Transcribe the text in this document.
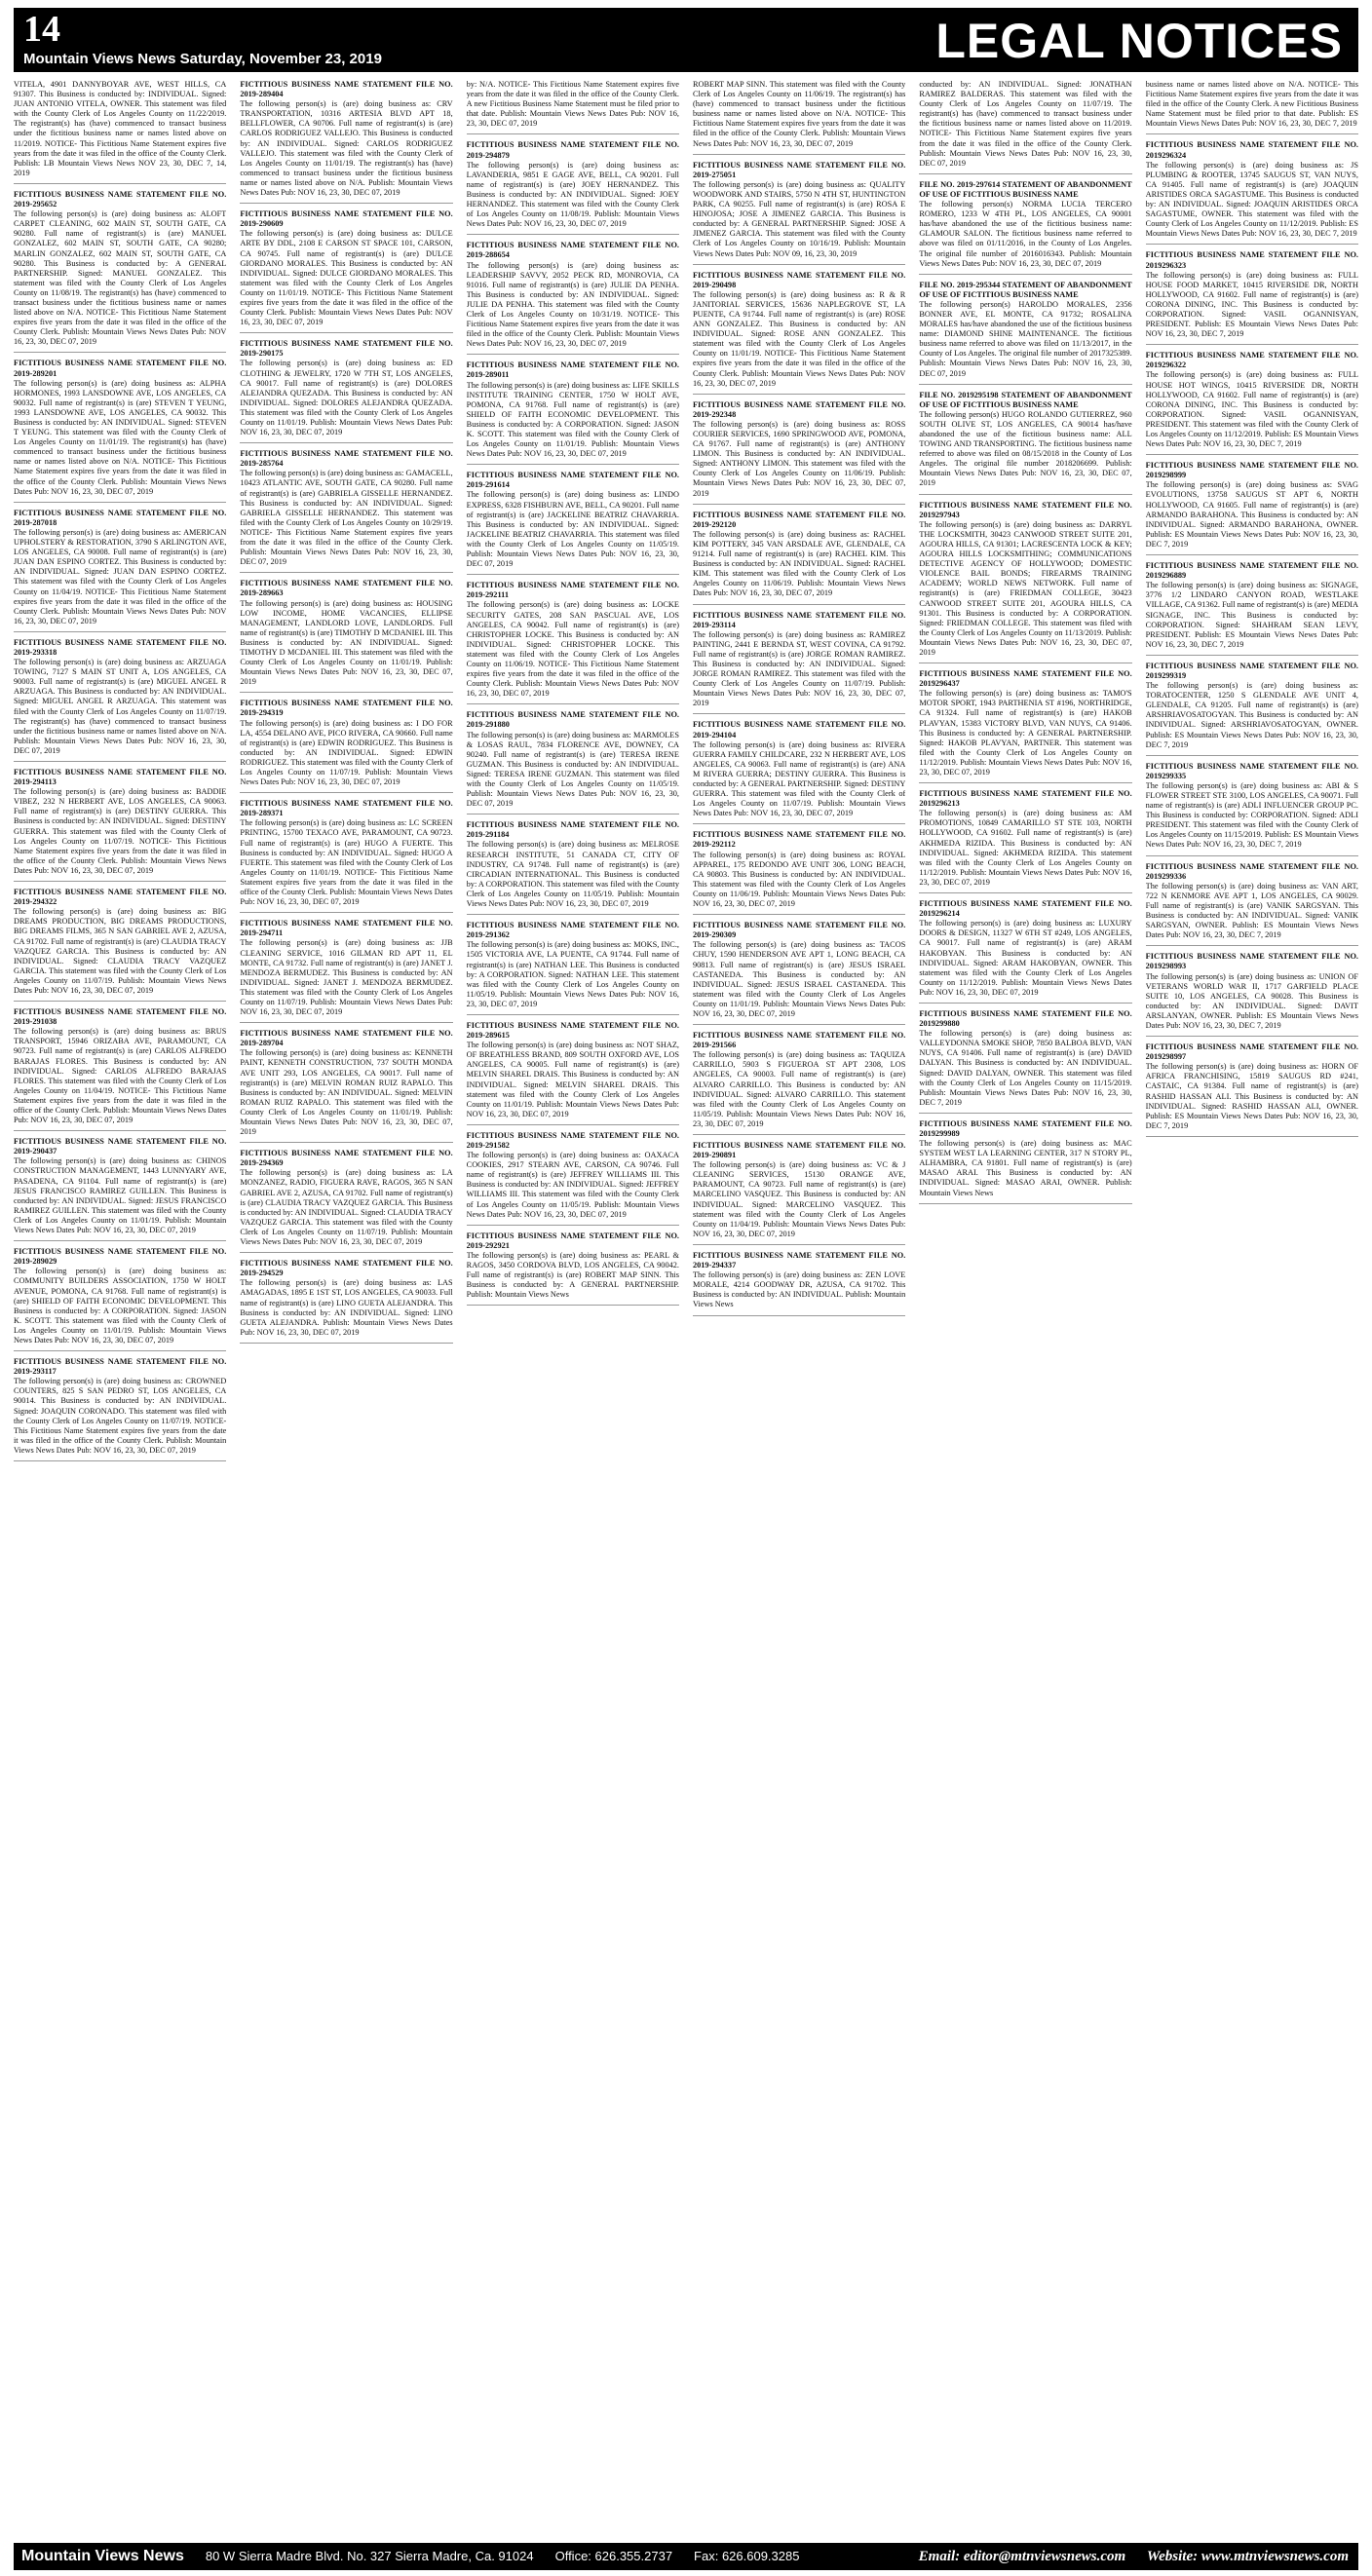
14
Mountain Views News Saturday, November 23, 2019	LEGAL NOTICES
VITELA, 4901 DANNYBOYAR AVE, WEST HILLS, CA 91307. This Business is conducted by: INDIVIDUAL. Signed: JUAN ANTONIO VITELA, OWNER. This statement was filed with the County Clerk of Los Angeles County on 11/22/2019. The registrant(s) has (have) commenced to transact business under the fictitious business name or names listed above on 11/2019. NOTICE- This Fictitious Name Statement expires five years from the date it was filed in the office of the County Clerk. Publish: LB Mountain Views News NOV 23, 30, DEC 7, 14, 2019
FICTITIOUS BUSINESS NAME STATEMENT FILE NO. 2019-295652
The following person(s) is (are) doing business as: ALOFT CARPET CLEANING, 602 MAIN ST, SOUTH GATE, CA 90280. Full name of registrant(s) is (are) MANUEL GONZALEZ, 602 MAIN ST, SOUTH GATE, CA 90280; MARLIN GONZALEZ, 602 MAIN ST, SOUTH GATE, CA 90280. This Business is conducted by: A GENERAL PARTNERSHIP. Signed: MANUEL GONZALEZ. This statement was filed with the County Clerk of Los Angeles County on 11/08/19. The registrant(s) has (have) commenced to transact business under the fictitious business name or names listed above on N/A. NOTICE- This Fictitious Name Statement expires five years from the date it was filed in the office of the County Clerk. Publish: Mountain Views News Dates Pub: NOV 16, 23, 30, DEC 07, 2019
FICTITIOUS BUSINESS NAME STATEMENT FILE NO. 2019-289201
The following person(s) is (are) doing business as: ALPHA HORMONES, 1993 LANSDOWNE AVE, LOS ANGELES, CA 90032. Full name of registrant(s) is (are) STEVEN T YEUNG, 1993 LANSDOWNE AVE, LOS ANGELES, CA 90032. This Business is conducted by: AN INDIVIDUAL. Signed: STEVEN T YEUNG. This statement was filed with the County Clerk of Los Angeles County on 11/01/19. The registrant(s) has (have) commenced to transact business under the fictitious business name or names listed above on N/A. NOTICE- This Fictitious Name Statement expires five years from the date it was filed in the office of the County Clerk. Publish: Mountain Views News Dates Pub: NOV 16, 23, 30, DEC 07, 2019
FICTITIOUS BUSINESS NAME STATEMENT FILE NO. 2019-287018
The following person(s) is (are) doing business as: AMERICAN UPHOLSTERY & RESTORATION, 3790 S ARLINGTON AVE, LOS ANGELES, CA 90008. Full name of registrant(s) is (are) JUAN DAN ESPINO CORTEZ. This Business is conducted by: AN INDIVIDUAL. Signed: JUAN DAN ESPINO CORTEZ. This statement was filed with the County Clerk of Los Angeles County on 11/04/19. NOTICE- This Fictitious Name Statement expires five years from the date it was filed in the office of the County Clerk. Publish: Mountain Views News Dates Pub: NOV 16, 23, 30, DEC 07, 2019
FICTITIOUS BUSINESS NAME STATEMENT FILE NO. 2019-293318
The following person(s) is (are) doing business as: ARZUAGA TOWING, 7127 S MAIN ST UNIT A, LOS ANGELES, CA 90003. Full name of registrant(s) is (are) MIGUEL ANGEL R ARZUAGA. This Business is conducted by: AN INDIVIDUAL. Signed: MIGUEL ANGEL R ARZUAGA. This statement was filed with the County Clerk of Los Angeles County on 11/07/19. The registrant(s) has (have) commenced to transact business under the fictitious business name or names listed above on N/A. Publish: Mountain Views News Dates Pub: NOV 16, 23, 30, DEC 07, 2019
FICTITIOUS BUSINESS NAME STATEMENT FILE NO. 2019-294113
The following person(s) is (are) doing business as: BADDIE VIBEZ, 232 N HERBERT AVE, LOS ANGELES, CA 90063. Full name of registrant(s) is (are) DESTINY GUERRA. This Business is conducted by: AN INDIVIDUAL. Signed: DESTINY GUERRA. This statement was filed with the County Clerk of Los Angeles County on 11/07/19. NOTICE- This Fictitious Name Statement expires five years from the date it was filed in the office of the County Clerk. Publish: Mountain Views News Dates Pub: NOV 16, 23, 30, DEC 07, 2019
FICTITIOUS BUSINESS NAME STATEMENT FILE NO. 2019-294322
The following person(s) is (are) doing business as: BIG DREAMS PRODUCTION, BIG DREAMS PRODUCTIONS, BIG DREAMS FILMS, 365 N SAN GABRIEL AVE 2, AZUSA, CA 91702. Full name of registrant(s) is (are) CLAUDIA TRACY VAZQUEZ GARCIA. This Business is conducted by: AN INDIVIDUAL. Signed: CLAUDIA TRACY VAZQUEZ GARCIA. This statement was filed with the County Clerk of Los Angeles County on 11/07/19. Publish: Mountain Views News Dates Pub: NOV 16, 23, 30, DEC 07, 2019
FICTITIOUS BUSINESS NAME STATEMENT FILE NO. 2019-291038
The following person(s) is (are) doing business as: BRUS TRANSPORT, 15946 ORIZABA AVE, PARAMOUNT, CA 90723. Full name of registrant(s) is (are) CARLOS ALFREDO BARAJAS FLORES. This Business is conducted by: AN INDIVIDUAL. Signed: CARLOS ALFREDO BARAJAS FLORES. This statement was filed with the County Clerk of Los Angeles County on 11/04/19. NOTICE- This Fictitious Name Statement expires five years from the date it was filed in the office of the County Clerk. Publish: Mountain Views News Dates Pub: NOV 16, 23, 30, DEC 07, 2019
FICTITIOUS BUSINESS NAME STATEMENT FILE NO. 2019-290437
The following person(s) is (are) doing business as: CHINOS CONSTRUCTION MANAGEMENT, 1443 LUNNYARY AVE, PASADENA, CA 91104. Full name of registrant(s) is (are) JESUS FRANCISCO RAMIREZ GUILLEN. This Business is conducted by: AN INDIVIDUAL. Signed: JESUS FRANCISCO RAMIREZ GUILLEN. This statement was filed with the County Clerk of Los Angeles County on 11/01/19. Publish: Mountain Views News Dates Pub: NOV 16, 23, 30, DEC 07, 2019
FICTITIOUS BUSINESS NAME STATEMENT FILE NO. 2019-289029
The following person(s) is (are) doing business as: COMMUNITY BUILDERS ASSOCIATION, 1750 W HOLT AVENUE, POMONA, CA 91768. Full name of registrant(s) is (are) SHIELD OF FAITH ECONOMIC DEVELOPMENT. This Business is conducted by: A CORPORATION. Signed: JASON K. SCOTT. This statement was filed with the County Clerk of Los Angeles County on 11/01/19. Publish: Mountain Views News Dates Pub: NOV 16, 23, 30, DEC 07, 2019
FICTITIOUS BUSINESS NAME STATEMENT FILE NO. 2019-293117
The following person(s) is (are) doing business as: CROWNED COUNTERS, 825 S SAN PEDRO ST, LOS ANGELES, CA 90014. This Business is conducted by: AN INDIVIDUAL. Signed: JOAQUIN CORONADO. This statement was filed with the County Clerk of Los Angeles County on 11/07/19. NOTICE- This Fictitious Name Statement expires five years from the date it was filed in the office of the County Clerk. Publish: Mountain Views News Dates Pub: NOV 16, 23, 30, DEC 07, 2019
FICTITIOUS BUSINESS NAME STATEMENT FILE NO. 2019-289404
The following person(s) is (are) doing business as: CRV TRANSPORTATION, 10316 ARTESIA BLVD APT 18, BELLFLOWER, CA 90706. Full name of registrant(s) is (are) CARLOS RODRIGUEZ VALLEJO. This Business is conducted by: AN INDIVIDUAL. Signed: CARLOS RODRIGUEZ VALLEJO. This statement was filed with the County Clerk of Los Angeles County on 11/01/19. The registrant(s) has (have) commenced to transact business under the fictitious business name or names listed above on N/A. Publish: Mountain Views News Dates Pub: NOV 16, 23, 30, DEC 07, 2019
FICTITIOUS BUSINESS NAME STATEMENT FILE NO. 2019-290609
The following person(s) is (are) doing business as: DULCE ARTE BY DDL, 2108 E CARSON ST SPACE 101, CARSON, CA 90745. Full name of registrant(s) is (are) DULCE GIORDANO MORALES. This Business is conducted by: AN INDIVIDUAL. Signed: DULCE GIORDANO MORALES. This statement was filed with the County Clerk of Los Angeles County on 11/01/19. NOTICE- This Fictitious Name Statement expires five years from the date it was filed in the office of the County Clerk. Publish: Mountain Views News Dates Pub: NOV 16, 23, 30, DEC 07, 2019
FICTITIOUS BUSINESS NAME STATEMENT FILE NO. 2019-290175
The following person(s) is (are) doing business as: ED CLOTHING & JEWELRY, 1720 W 7TH ST, LOS ANGELES, CA 90017. Full name of registrant(s) is (are) DOLORES ALEJANDRA QUEZADA. This Business is conducted by: AN INDIVIDUAL. Signed: DOLORES ALEJANDRA QUEZADA. This statement was filed with the County Clerk of Los Angeles County on 11/01/19. Publish: Mountain Views News Dates Pub: NOV 16, 23, 30, DEC 07, 2019
FICTITIOUS BUSINESS NAME STATEMENT FILE NO. 2019-285764
The following person(s) is (are) doing business as: GAMACELL, 10423 ATLANTIC AVE, SOUTH GATE, CA 90280. Full name of registrant(s) is (are) GABRIELA GISSELLE HERNANDEZ. This Business is conducted by: AN INDIVIDUAL. Signed: GABRIELA GISSELLE HERNANDEZ. This statement was filed with the County Clerk of Los Angeles County on 10/29/19. NOTICE- This Fictitious Name Statement expires five years from the date it was filed in the office of the County Clerk. Publish: Mountain Views News Dates Pub: NOV 16, 23, 30, DEC 07, 2019
FICTITIOUS BUSINESS NAME STATEMENT FILE NO. 2019-289663
The following person(s) is (are) doing business as: HOUSING LOW INCOME, HOME VACANCIES, ELLIPSE MANAGEMENT, LANDLORD LOVE, LANDLORDS. Full name of registrant(s) is (are) TIMOTHY D MCDANIEL III. This Business is conducted by: AN INDIVIDUAL. Signed: TIMOTHY D MCDANIEL III. This statement was filed with the County Clerk of Los Angeles County on 11/01/19. Publish: Mountain Views News Dates Pub: NOV 16, 23, 30, DEC 07, 2019
FICTITIOUS BUSINESS NAME STATEMENT FILE NO. 2019-294319
The following person(s) is (are) doing business as: I DO FOR LA, 4554 DELANO AVE, PICO RIVERA, CA 90660. Full name of registrant(s) is (are) EDWIN RODRIGUEZ. This Business is conducted by: AN INDIVIDUAL. Signed: EDWIN RODRIGUEZ. This statement was filed with the County Clerk of Los Angeles County on 11/07/19. Publish: Mountain Views News Dates Pub: NOV 16, 23, 30, DEC 07, 2019
FICTITIOUS BUSINESS NAME STATEMENT FILE NO. 2019-289371
The following person(s) is (are) doing business as: LC SCREEN PRINTING, 15700 TEXACO AVE, PARAMOUNT, CA 90723. Full name of registrant(s) is (are) HUGO A FUERTE. This Business is conducted by: AN INDIVIDUAL. Signed: HUGO A FUERTE. This statement was filed with the County Clerk of Los Angeles County on 11/01/19. NOTICE- This Fictitious Name Statement expires five years from the date it was filed in the office of the County Clerk. Publish: Mountain Views News Dates Pub: NOV 16, 23, 30, DEC 07, 2019
FICTITIOUS BUSINESS NAME STATEMENT FILE NO. 2019-294711
The following person(s) is (are) doing business as: JJB CLEANING SERVICE, 1016 GILMAN RD APT 11, EL MONTE, CA 91732. Full name of registrant(s) is (are) JANET J. MENDOZA BERMUDEZ. This Business is conducted by: AN INDIVIDUAL. Signed: JANET J. MENDOZA BERMUDEZ. This statement was filed with the County Clerk of Los Angeles County on 11/07/19. Publish: Mountain Views News Dates Pub: NOV 16, 23, 30, DEC 07, 2019
FICTITIOUS BUSINESS NAME STATEMENT FILE NO. 2019-289704
The following person(s) is (are) doing business as: KENNETH PAINT, KENNETH CONSTRUCTION, 737 SOUTH MONDA AVE UNIT 293, LOS ANGELES, CA 90017. Full name of registrant(s) is (are) MELVIN ROMAN RUIZ RAPALO. This Business is conducted by: AN INDIVIDUAL. Signed: MELVIN ROMAN RUIZ RAPALO. This statement was filed with the County Clerk of Los Angeles County on 11/01/19. Publish: Mountain Views News Dates Pub: NOV 16, 23, 30, DEC 07, 2019
FICTITIOUS BUSINESS NAME STATEMENT FILE NO. 2019-294369
The following person(s) is (are) doing business as: LA MONZANEZ, RADIO, FIGUERA RAVE, RAGOS, 365 N SAN GABRIEL AVE 2, AZUSA, CA 91702. Full name of registrant(s) is (are) CLAUDIA TRACY VAZQUEZ GARCIA. This Business is conducted by: AN INDIVIDUAL. Signed: CLAUDIA TRACY VAZQUEZ GARCIA. This statement was filed with the County Clerk of Los Angeles County on 11/07/19. Publish: Mountain Views News Dates Pub: NOV 16, 23, 30, DEC 07, 2019
FICTITIOUS BUSINESS NAME STATEMENT FILE NO. 2019-294529
The following person(s) is (are) doing business as: LAS AMAGADAS, 1895 E 1ST ST, LOS ANGELES, CA 90033. Full name of registrant(s) is (are) LINO GUETA ALEJANDRA. This Business is conducted by: AN INDIVIDUAL. Signed: LINO GUETA ALEJANDRA. Publish: Mountain Views News Dates Pub: NOV 16, 23, 30, DEC 07, 2019
by: N/A. NOTICE- This Fictitious Name Statement expires five years from the date it was filed in the office of the County Clerk. A new Fictitious Business Name Statement must be filed prior to that date. Publish: Mountain Views News Dates Pub: NOV 16, 23, 30, DEC 07, 2019
FICTITIOUS BUSINESS NAME STATEMENT FILE NO. 2019-294879
The following person(s) is (are) doing business as: LAVANDERIA, 9851 E GAGE AVE, BELL, CA 90201. Full name of registrant(s) is (are) JOEY HERNANDEZ. This Business is conducted by: AN INDIVIDUAL. Signed: JOEY HERNANDEZ. This statement was filed with the County Clerk of Los Angeles County on 11/08/19. Publish: Mountain Views News Dates Pub: NOV 16, 23, 30, DEC 07, 2019
FICTITIOUS BUSINESS NAME STATEMENT FILE NO. 2019-288654
The following person(s) is (are) doing business as: LEADERSHIP SAVVY, 2052 PECK RD, MONROVIA, CA 91016. Full name of registrant(s) is (are) JULIE DA PENHA. This Business is conducted by: AN INDIVIDUAL. Signed: JULIE DA PENHA. This statement was filed with the County Clerk of Los Angeles County on 10/31/19. NOTICE- This Fictitious Name Statement expires five years from the date it was filed in the office of the County Clerk. Publish: Mountain Views News Dates Pub: NOV 16, 23, 30, DEC 07, 2019
FICTITIOUS BUSINESS NAME STATEMENT FILE NO. 2019-289011
The following person(s) is (are) doing business as: LIFE SKILLS INSTITUTE TRAINING CENTER, 1750 W HOLT AVE, POMONA, CA 91768. Full name of registrant(s) is (are) SHIELD OF FAITH ECONOMIC DEVELOPMENT. This Business is conducted by: A CORPORATION. Signed: JASON K. SCOTT. This statement was filed with the County Clerk of Los Angeles County on 11/01/19. Publish: Mountain Views News Dates Pub: NOV 16, 23, 30, DEC 07, 2019
FICTITIOUS BUSINESS NAME STATEMENT FILE NO. 2019-291614
The following person(s) is (are) doing business as: LINDO EXPRESS, 6328 FISHBURN AVE, BELL, CA 90201. Full name of registrant(s) is (are) JACKELINE BEATRIZ CHAVARRIA. This Business is conducted by: AN INDIVIDUAL. Signed: JACKELINE BEATRIZ CHAVARRIA. This statement was filed with the County Clerk of Los Angeles County on 11/05/19. Publish: Mountain Views News Dates Pub: NOV 16, 23, 30, DEC 07, 2019
FICTITIOUS BUSINESS NAME STATEMENT FILE NO. 2019-292111
The following person(s) is (are) doing business as: LOCKE SECURITY GATES, 208 SAN PASCUAL AVE, LOS ANGELES, CA 90042. Full name of registrant(s) is (are) CHRISTOPHER LOCKE. This Business is conducted by: AN INDIVIDUAL. Signed: CHRISTOPHER LOCKE. This statement was filed with the County Clerk of Los Angeles County on 11/06/19. NOTICE- This Fictitious Name Statement expires five years from the date it was filed in the office of the County Clerk. Publish: Mountain Views News Dates Pub: NOV 16, 23, 30, DEC 07, 2019
FICTITIOUS BUSINESS NAME STATEMENT FILE NO. 2019-291880
The following person(s) is (are) doing business as: MARMOLES & LOSAS RAUL, 7834 FLORENCE AVE, DOWNEY, CA 90240. Full name of registrant(s) is (are) TERESA IRENE GUZMAN. This Business is conducted by: AN INDIVIDUAL. Signed: TERESA IRENE GUZMAN. This statement was filed with the County Clerk of Los Angeles County on 11/05/19. Publish: Mountain Views News Dates Pub: NOV 16, 23, 30, DEC 07, 2019
FICTITIOUS BUSINESS NAME STATEMENT FILE NO. 2019-291184
The following person(s) is (are) doing business as: MELROSE RESEARCH INSTITUTE, 51 CANADA CT, CITY OF INDUSTRY, CA 91748. Full name of registrant(s) is (are) CIRCADIAN INTERNATIONAL. This Business is conducted by: A CORPORATION. This statement was filed with the County Clerk of Los Angeles County on 11/05/19. Publish: Mountain Views News Dates Pub: NOV 16, 23, 30, DEC 07, 2019
FICTITIOUS BUSINESS NAME STATEMENT FILE NO. 2019-291362
The following person(s) is (are) doing business as: MOKS, INC., 1505 VICTORIA AVE, LA PUENTE, CA 91744. Full name of registrant(s) is (are) NATHAN LEE. This Business is conducted by: A CORPORATION. Signed: NATHAN LEE. This statement was filed with the County Clerk of Los Angeles County on 11/05/19. Publish: Mountain Views News Dates Pub: NOV 16, 23, 30, DEC 07, 2019
FICTITIOUS BUSINESS NAME STATEMENT FILE NO. 2019-289615
The following person(s) is (are) doing business as: NOT SHAZ, OF BREATHLESS BRAND, 809 SOUTH OXFORD AVE, LOS ANGELES, CA 90005. Full name of registrant(s) is (are) MELVIN SHAREL DRAIS. This Business is conducted by: AN INDIVIDUAL. Signed: MELVIN SHAREL DRAIS. This statement was filed with the County Clerk of Los Angeles County on 11/01/19. Publish: Mountain Views News Dates Pub: NOV 16, 23, 30, DEC 07, 2019
FICTITIOUS BUSINESS NAME STATEMENT FILE NO. 2019-291582
The following person(s) is (are) doing business as: OAXACA COOKIES, 2917 STEARN AVE, CARSON, CA 90746. Full name of registrant(s) is (are) JEFFREY WILLIAMS III. This Business is conducted by: AN INDIVIDUAL. Signed: JEFFREY WILLIAMS III. This statement was filed with the County Clerk of Los Angeles County on 11/05/19. Publish: Mountain Views News Dates Pub: NOV 16, 23, 30, DEC 07, 2019
FICTITIOUS BUSINESS NAME STATEMENT FILE NO. 2019-292921
The following person(s) is (are) doing business as: PEARL & RAGOS, 3450 CORDOVA BLVD, LOS ANGELES, CA 90042. Full name of registrant(s) is (are) ROBERT MAP SINN. This Business is conducted by: A GENERAL PARTNERSHIP. Publish: Mountain Views News
ROBERT MAP SINN. This statement was filed with the County Clerk of Los Angeles County on 11/06/19. The registrant(s) has (have) commenced to transact business under the fictitious business name or names listed above on N/A. NOTICE- This Fictitious Name Statement expires five years from the date it was filed in the office of the County Clerk. Publish: Mountain Views News Dates Pub: NOV 16, 23, 30, DEC 07, 2019
FICTITIOUS BUSINESS NAME STATEMENT FILE NO. 2019-275051
The following person(s) is (are) doing business as: QUALITY WOODWORK AND STAIRS, 5750 N 4TH ST, HUNTINGTON PARK, CA 90255. Full name of registrant(s) is (are) ROSA E HINOJOSA; JOSE A JIMENEZ GARCIA. This Business is conducted by: A GENERAL PARTNERSHIP. Signed: JOSE A JIMENEZ GARCIA. This statement was filed with the County Clerk of Los Angeles County on 10/16/19. Publish: Mountain Views News Dates Pub: NOV 09, 16, 23, 30, 2019
FICTITIOUS BUSINESS NAME STATEMENT FILE NO. 2019-290498
The following person(s) is (are) doing business as: R & R JANITORIAL SERVICES, 15636 NAPLEGROVE ST, LA PUENTE, CA 91744. Full name of registrant(s) is (are) ROSE ANN GONZALEZ. This Business is conducted by: AN INDIVIDUAL. Signed: ROSE ANN GONZALEZ. This statement was filed with the County Clerk of Los Angeles County on 11/01/19. NOTICE- This Fictitious Name Statement expires five years from the date it was filed in the office of the County Clerk. Publish: Mountain Views News Dates Pub: NOV 16, 23, 30, DEC 07, 2019
FICTITIOUS BUSINESS NAME STATEMENT FILE NO. 2019-292348
The following person(s) is (are) doing business as: ROSS COURIER SERVICES, 1690 SPRINGWOOD AVE, POMONA, CA 91767. Full name of registrant(s) is (are) ANTHONY LIMON. This Business is conducted by: AN INDIVIDUAL. Signed: ANTHONY LIMON. This statement was filed with the County Clerk of Los Angeles County on 11/06/19. Publish: Mountain Views News Dates Pub: NOV 16, 23, 30, DEC 07, 2019
FICTITIOUS BUSINESS NAME STATEMENT FILE NO. 2019-292120
The following person(s) is (are) doing business as: RACHEL KIM POTTERY, 345 VAN ARSDALE AVE, GLENDALE, CA 91214. Full name of registrant(s) is (are) RACHEL KIM. This Business is conducted by: AN INDIVIDUAL. Signed: RACHEL KIM. This statement was filed with the County Clerk of Los Angeles County on 11/06/19. Publish: Mountain Views News Dates Pub: NOV 16, 23, 30, DEC 07, 2019
FICTITIOUS BUSINESS NAME STATEMENT FILE NO. 2019-293114
The following person(s) is (are) doing business as: RAMIREZ PAINTING, 2441 E BERNDA ST, WEST COVINA, CA 91792. Full name of registrant(s) is (are) JORGE ROMAN RAMIREZ. This Business is conducted by: AN INDIVIDUAL. Signed: JORGE ROMAN RAMIREZ. This statement was filed with the County Clerk of Los Angeles County on 11/07/19. Publish: Mountain Views News Dates Pub: NOV 16, 23, 30, DEC 07, 2019
FICTITIOUS BUSINESS NAME STATEMENT FILE NO. 2019-294104
The following person(s) is (are) doing business as: RIVERA GUERRA FAMILY CHILDCARE, 232 N HERBERT AVE, LOS ANGELES, CA 90063. Full name of registrant(s) is (are) ANA M RIVERA GUERRA; DESTINY GUERRA. This Business is conducted by: A GENERAL PARTNERSHIP. Signed: DESTINY GUERRA. This statement was filed with the County Clerk of Los Angeles County on 11/07/19. Publish: Mountain Views News Dates Pub: NOV 16, 23, 30, DEC 07, 2019
FICTITIOUS BUSINESS NAME STATEMENT FILE NO. 2019-292112
The following person(s) is (are) doing business as: ROYAL APPAREL, 175 REDONDO AVE UNIT 306, LONG BEACH, CA 90803. This Business is conducted by: AN INDIVIDUAL. This statement was filed with the County Clerk of Los Angeles County on 11/06/19. Publish: Mountain Views News Dates Pub: NOV 16, 23, 30, DEC 07, 2019
FICTITIOUS BUSINESS NAME STATEMENT FILE NO. 2019-290309
The following person(s) is (are) doing business as: TACOS CHUY, 1590 HENDERSON AVE APT 1, LONG BEACH, CA 90813. Full name of registrant(s) is (are) JESUS ISRAEL CASTANEDA. This Business is conducted by: AN INDIVIDUAL. Signed: JESUS ISRAEL CASTANEDA. This statement was filed with the County Clerk of Los Angeles County on 11/01/19. Publish: Mountain Views News Dates Pub: NOV 16, 23, 30, DEC 07, 2019
FICTITIOUS BUSINESS NAME STATEMENT FILE NO. 2019-291566
The following person(s) is (are) doing business as: TAQUIZA CARRILLO, 5903 S FIGUEROA ST APT 2308, LOS ANGELES, CA 90003. Full name of registrant(s) is (are) ALVARO CARRILLO. This Business is conducted by: AN INDIVIDUAL. Signed: ALVARO CARRILLO. This statement was filed with the County Clerk of Los Angeles County on 11/05/19. Publish: Mountain Views News Dates Pub: NOV 16, 23, 30, DEC 07, 2019
FICTITIOUS BUSINESS NAME STATEMENT FILE NO. 2019-290891
The following person(s) is (are) doing business as: VC & J CLEANING SERVICES, 15130 ORANGE AVE, PARAMOUNT, CA 90723. Full name of registrant(s) is (are) MARCELINO VASQUEZ. This Business is conducted by: AN INDIVIDUAL. Signed: MARCELINO VASQUEZ. This statement was filed with the County Clerk of Los Angeles County on 11/04/19. Publish: Mountain Views News Dates Pub: NOV 16, 23, 30, DEC 07, 2019
FICTITIOUS BUSINESS NAME STATEMENT FILE NO. 2019-294337
The following person(s) is (are) doing business as: ZEN LOVE MORALE, 4214 GOODWAY DR, AZUSA, CA 91702. This Business is conducted by: AN INDIVIDUAL. Publish: Mountain Views News
conducted by: AN INDIVIDUAL. Signed: JONATHAN RAMIREZ BALDERAS. This statement was filed with the County Clerk of Los Angeles County on 11/07/19. The registrant(s) has (have) commenced to transact business under the fictitious business name or names listed above on 11/2019. NOTICE- This Fictitious Name Statement expires five years from the date it was filed in the office of the County Clerk. Publish: Mountain Views News Dates Pub: NOV 16, 23, 30, DEC 07, 2019
FILE NO. 2019-297614 STATEMENT OF ABANDONMENT OF USE OF FICTITIOUS BUSINESS NAME
The following person(s) NORMA LUCIA TERCERO ROMERO, 1233 W 4TH PL, LOS ANGELES, CA 90001 has/have abandoned the use of the fictitious business name: GLAMOUR SALON. The fictitious business name referred to above was filed on 01/11/2016, in the County of Los Angeles. The original file number of 2016016343. Publish: Mountain Views News Dates Pub: NOV 16, 23, 30, DEC 07, 2019
FILE NO. 2019-295344 STATEMENT OF ABANDONMENT OF USE OF FICTITIOUS BUSINESS NAME
The following person(s) HAROLDO MORALES, 2356 BONNER AVE, EL MONTE, CA 91732; ROSALINA MORALES has/have abandoned the use of the fictitious business name: DIAMOND SHINE MAINTENANCE. The fictitious business name referred to above was filed on 11/13/2017, in the County of Los Angeles. The original file number of 2017325389. Publish: Mountain Views News Dates Pub: NOV 16, 23, 30, DEC 07, 2019
FILE NO. 2019295198 STATEMENT OF ABANDONMENT OF USE OF FICTITIOUS BUSINESS NAME
The following person(s) HUGO ROLANDO GUTIERREZ, 960 SOUTH OLIVE ST, LOS ANGELES, CA 90014 has/have abandoned the use of the fictitious business name: ALL TOWING AND TRANSPORTING. The fictitious business name referred to above was filed on 08/15/2018 in the County of Los Angeles. The original file number 2018206699. Publish: Mountain Views News Dates Pub: NOV 16, 23, 30, DEC 07, 2019
FICTITIOUS BUSINESS NAME STATEMENT FILE NO. 2019297943
The following person(s) is (are) doing business as: DARRYL THE LOCKSMITH, 30423 CANWOOD STREET SUITE 201, AGOURA HILLS, CA 91301; LACRESCENTA LOCK & KEY; AGOURA HILLS LOCKSMITHING; COMMUNICATIONS DETECTIVE AGENCY OF HOLLYWOOD; DOMESTIC VIOLENCE BAIL BONDS; FIREARMS TRAINING ACADEMY; WORLD NEWS NETWORK. Full name of registrant(s) is (are) FRIEDMAN COLLEGE, 30423 CANWOOD STREET SUITE 201, AGOURA HILLS, CA 91301. This Business is conducted by: A CORPORATION. Signed: FRIEDMAN COLLEGE. This statement was filed with the County Clerk of Los Angeles County on 11/13/2019. Publish: Mountain Views News Dates Pub: NOV 16, 23, 30, DEC 07, 2019
FICTITIOUS BUSINESS NAME STATEMENT FILE NO. 2019296437
The following person(s) is (are) doing business as: TAMO'S MOTOR SPORT, 1943 PARTHENIA ST #196, NORTHRIDGE, CA 91324. Full name of registrant(s) is (are) HAKOB PLAVYAN, 15383 VICTORY BLVD, VAN NUYS, CA 91406. This Business is conducted by: A GENERAL PARTNERSHIP. Signed: HAKOB PLAVYAN, PARTNER. This statement was filed with the County Clerk of Los Angeles County on 11/12/2019. Publish: Mountain Views News Dates Pub: NOV 16, 23, 30, DEC 07, 2019
FICTITIOUS BUSINESS NAME STATEMENT FILE NO. 2019296213
The following person(s) is (are) doing business as: AM PROMOTIONS, 10849 CAMARILLO ST STE 103, NORTH HOLLYWOOD, CA 91602. Full name of registrant(s) is (are) AKHMEDA RIZIDA. This Business is conducted by: AN INDIVIDUAL. Signed: AKHMEDA RIZIDA. This statement was filed with the County Clerk of Los Angeles County on 11/12/2019. Publish: Mountain Views News Dates Pub: NOV 16, 23, 30, DEC 07, 2019
FICTITIOUS BUSINESS NAME STATEMENT FILE NO. 2019296214
The following person(s) is (are) doing business as: LUXURY DOORS & DESIGN, 11327 W 6TH ST #249, LOS ANGELES, CA 90017. Full name of registrant(s) is (are) ARAM HAKOBYAN. This Business is conducted by: AN INDIVIDUAL. Signed: ARAM HAKOBYAN, OWNER. This statement was filed with the County Clerk of Los Angeles County on 11/12/2019. Publish: Mountain Views News Dates Pub: NOV 16, 23, 30, DEC 07, 2019
FICTITIOUS BUSINESS NAME STATEMENT FILE NO. 2019299880
The following person(s) is (are) doing business as: VALLEYDONNA SMOKE SHOP, 7850 BALBOA BLVD, VAN NUYS, CA 91406. Full name of registrant(s) is (are) DAVID DALYAN. This Business is conducted by: AN INDIVIDUAL. Signed: DAVID DALYAN, OWNER. This statement was filed with the County Clerk of Los Angeles County on 11/15/2019. Publish: Mountain Views News Dates Pub: NOV 16, 23, 30, DEC 7, 2019
FICTITIOUS BUSINESS NAME STATEMENT FILE NO. 2019299989
The following person(s) is (are) doing business as: MAC SYSTEM WEST LA LEARNING CENTER, 317 N STORY PL, ALHAMBRA, CA 91801. Full name of registrant(s) is (are) MASAO ARAI. This Business is conducted by: AN INDIVIDUAL. Signed: MASAO ARAI, OWNER. Publish: Mountain Views News
business name or names listed above on N/A. NOTICE- This Fictitious Name Statement expires five years from the date it was filed in the office of the County Clerk. A new Fictitious Business Name Statement must be filed prior to that date. Publish: ES Mountain Views News Dates Pub: NOV 16, 23, 30, DEC 7, 2019
FICTITIOUS BUSINESS NAME STATEMENT FILE NO. 2019296324
The following person(s) is (are) doing business as: JS PLUMBING & ROOTER, 13745 SAUGUS ST, VAN NUYS, CA 91405. Full name of registrant(s) is (are) JOAQUIN ARISTIDES ORCA SAGASTUME. This Business is conducted by: AN INDIVIDUAL. Signed: JOAQUIN ARISTIDES ORCA SAGASTUME, OWNER. This statement was filed with the County Clerk of Los Angeles County on 11/12/2019. Publish: ES Mountain Views News Dates Pub: NOV 16, 23, 30, DEC 7, 2019
FICTITIOUS BUSINESS NAME STATEMENT FILE NO. 2019296323
The following person(s) is (are) doing business as: FULL HOUSE FOOD MARKET, 10415 RIVERSIDE DR, NORTH HOLLYWOOD, CA 91602. Full name of registrant(s) is (are) CORONA DINING, INC. This Business is conducted by: CORPORATION. Signed: VASIL OGANNISYAN, PRESIDENT. Publish: ES Mountain Views News Dates Pub: NOV 16, 23, 30, DEC 7, 2019
FICTITIOUS BUSINESS NAME STATEMENT FILE NO. 2019296322
The following person(s) is (are) doing business as: FULL HOUSE HOT WINGS, 10415 RIVERSIDE DR, NORTH HOLLYWOOD, CA 91602. Full name of registrant(s) is (are) CORONA DINING, INC. This Business is conducted by: CORPORATION. Signed: VASIL OGANNISYAN, PRESIDENT. This statement was filed with the County Clerk of Los Angeles County on 11/12/2019. Publish: ES Mountain Views News Dates Pub: NOV 16, 23, 30, DEC 7, 2019
FICTITIOUS BUSINESS NAME STATEMENT FILE NO. 2019298999
The following person(s) is (are) doing business as: SVAG EVOLUTIONS, 13758 SAUGUS ST APT 6, NORTH HOLLYWOOD, CA 91605. Full name of registrant(s) is (are) ARMANDO BARAHONA. This Business is conducted by: AN INDIVIDUAL. Signed: ARMANDO BARAHONA, OWNER. Publish: ES Mountain Views News Dates Pub: NOV 16, 23, 30, DEC 7, 2019
FICTITIOUS BUSINESS NAME STATEMENT FILE NO. 2019296889
The following person(s) is (are) doing business as: SIGNAGE, 3776 1/2 LINDARO CANYON ROAD, WESTLAKE VILLAGE, CA 91362. Full name of registrant(s) is (are) MEDIA SIGNAGE, INC. This Business is conducted by: CORPORATION. Signed: SHAHRAM SEAN LEVY, PRESIDENT. Publish: ES Mountain Views News Dates Pub: NOV 16, 23, 30, DEC 7, 2019
FICTITIOUS BUSINESS NAME STATEMENT FILE NO. 2019299319
The following person(s) is (are) doing business as: TORATOCENTER, 1250 S GLENDALE AVE UNIT 4, GLENDALE, CA 91205. Full name of registrant(s) is (are) ARSHRIAVOSATOGYAN. This Business is conducted by: AN INDIVIDUAL. Signed: ARSHRIAVOSATOGYAN, OWNER. Publish: ES Mountain Views News Dates Pub: NOV 16, 23, 30, DEC 7, 2019
FICTITIOUS BUSINESS NAME STATEMENT FILE NO. 2019299335
The following person(s) is (are) doing business as: ABI & S FLOWER STREET STE 3100, LOS ANGELES, CA 90071. Full name of registrant(s) is (are) ADLI INFLUENCER GROUP PC. This Business is conducted by: CORPORATION. Signed: ADLI PRESIDENT. This statement was filed with the County Clerk of Los Angeles County on 11/15/2019. Publish: ES Mountain Views News Dates Pub: NOV 16, 23, 30, DEC 7, 2019
FICTITIOUS BUSINESS NAME STATEMENT FILE NO. 2019299336
The following person(s) is (are) doing business as: VAN ART, 722 N KENMORE AVE APT 1, LOS ANGELES, CA 90029. Full name of registrant(s) is (are) VANIK SARGSYAN. This Business is conducted by: AN INDIVIDUAL. Signed: VANIK SARGSYAN, OWNER. Publish: ES Mountain Views News Dates Pub: NOV 16, 23, 30, DEC 7, 2019
FICTITIOUS BUSINESS NAME STATEMENT FILE NO. 2019298993
The following person(s) is (are) doing business as: UNION OF VETERANS WORLD WAR II, 1717 GARFIELD PLACE SUITE 10, LOS ANGELES, CA 90028. This Business is conducted by: AN INDIVIDUAL. Signed: DAVIT ARSLANYAN, OWNER. Publish: ES Mountain Views News Dates Pub: NOV 16, 23, 30, DEC 7, 2019
FICTITIOUS BUSINESS NAME STATEMENT FILE NO. 2019298997
The following person(s) is (are) doing business as: HORN OF AFRICA FRANCHISING, 15819 SAUGUS RD #241, CASTAIC, CA 91384. Full name of registrant(s) is (are) RASHID HASSAN ALI. This Business is conducted by: AN INDIVIDUAL. Signed: RASHID HASSAN ALI, OWNER. Publish: ES Mountain Views News Dates Pub: NOV 16, 23, 30, DEC 7, 2019
Mountain Views News 80 W Sierra Madre Blvd. No. 327 Sierra Madre, Ca. 91024 Office: 626.355.2737 Fax: 626.609.3285	Email: editor@mtnviewsnews.com Website: www.mtnviewsnews.com
